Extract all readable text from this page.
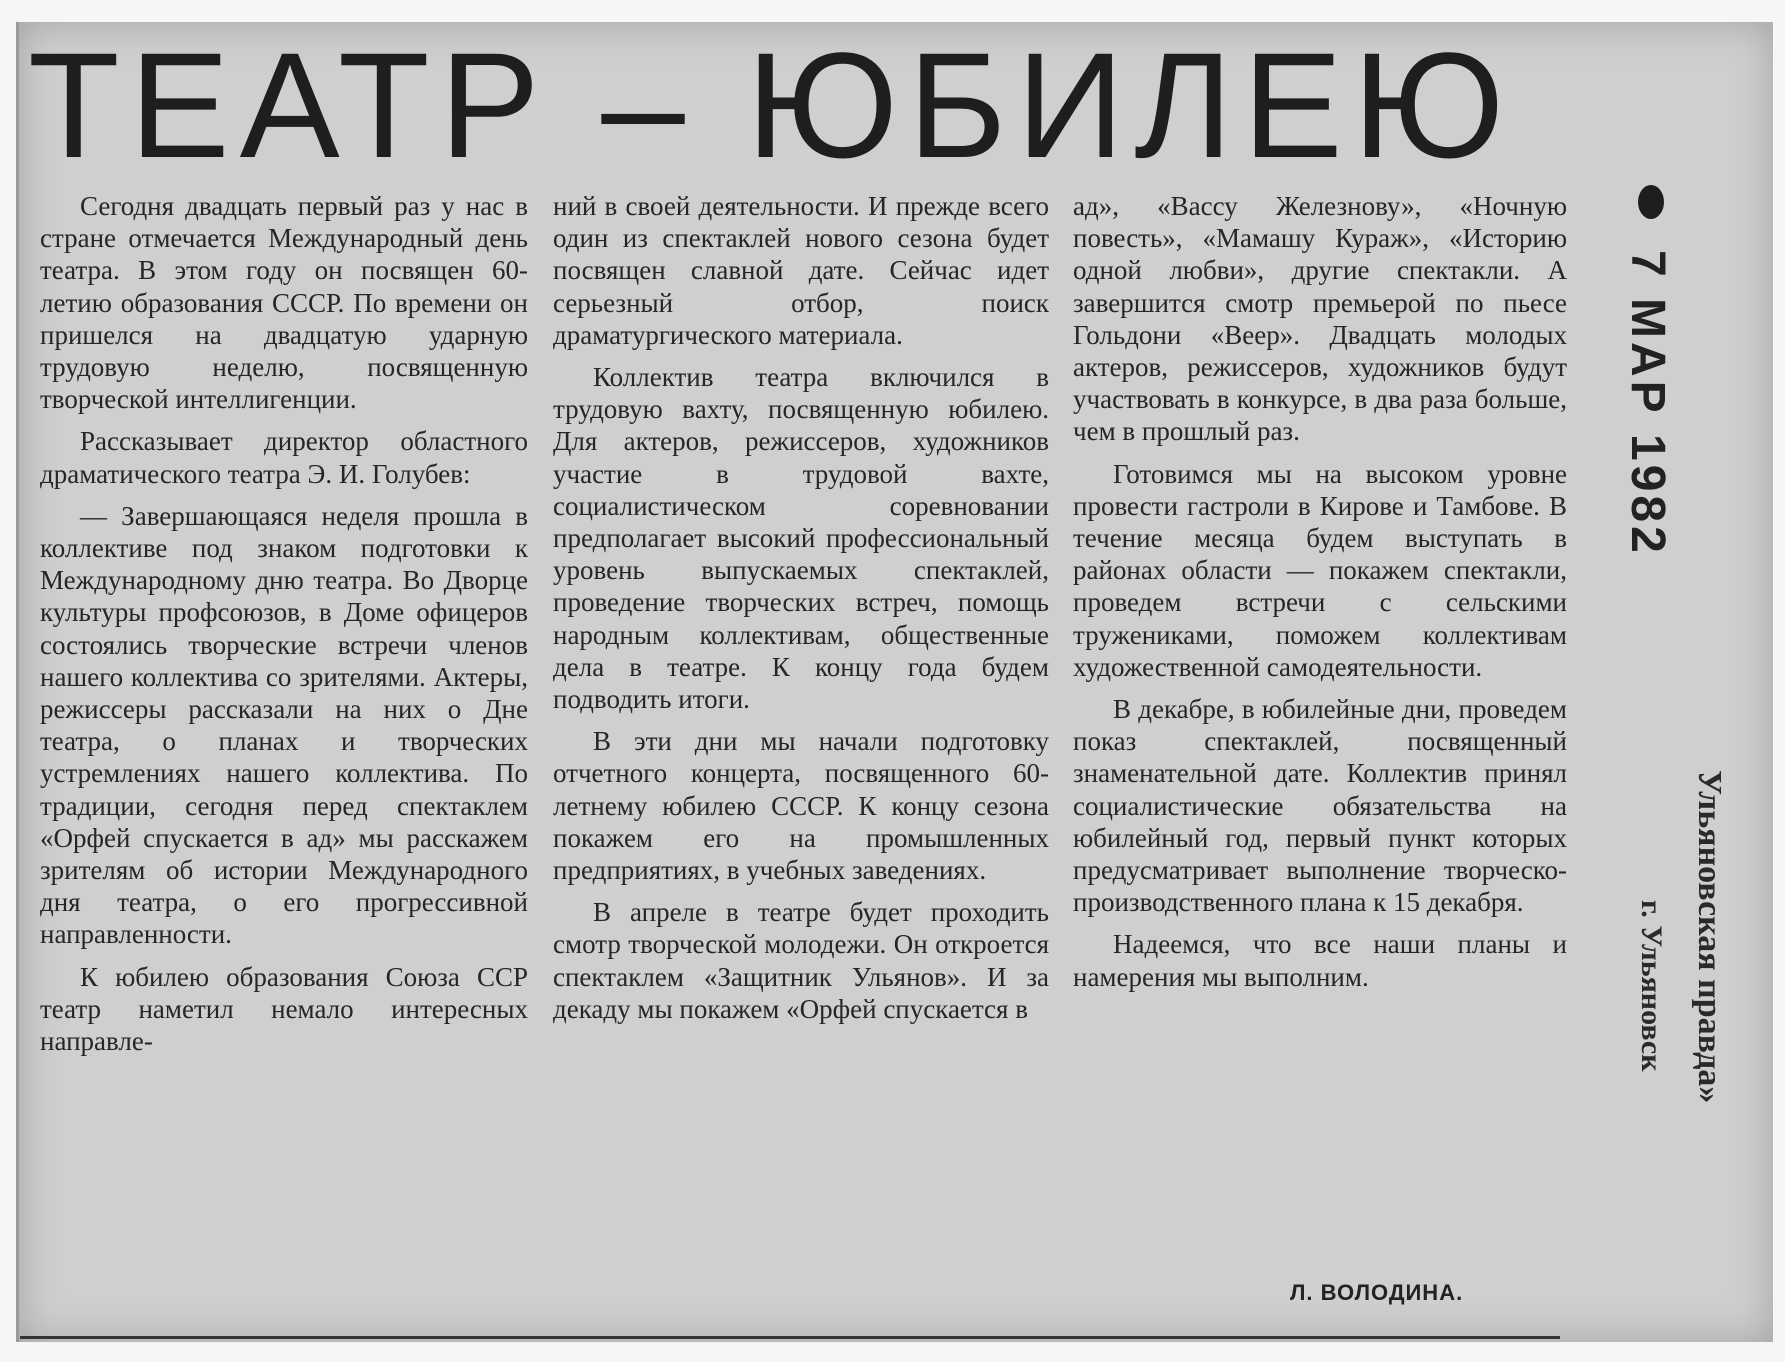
ТЕАТР – ЮБИЛЕЮ

Сегодня двадцать первый раз у нас в стране отмечается Международный день театра. В этом году он посвящен 60-летию образования СССР. По времени он пришелся на двадцатую ударную трудовую неделю, посвященную творческой интеллигенции.

Рассказывает директор областного драматического театра Э. И. Голубев:

— Завершающаяся неделя прошла в коллективе под знаком подготовки к Международному дню театра. Во Дворце культуры профсоюзов, в Доме офицеров состоялись творческие встречи членов нашего коллектива со зрителями. Актеры, режиссеры рассказали на них о Дне театра, о планах и творческих устремлениях нашего коллектива. По традиции, сегодня перед спектаклем «Орфей спускается в ад» мы расскажем зрителям об истории Международного дня театра, о его прогрессивной направленности.

К юбилею образования Союза ССР театр наметил немало интересных направле-

ний в своей деятельности. И прежде всего один из спектаклей нового сезона будет посвящен славной дате. Сейчас идет серьезный отбор, поиск драматургического материала.

Коллектив театра включился в трудовую вахту, посвященную юбилею. Для актеров, режиссеров, художников участие в трудовой вахте, социалистическом соревновании предполагает высокий профессиональный уровень выпускаемых спектаклей, проведение творческих встреч, помощь народным коллективам, общественные дела в театре. К концу года будем подводить итоги.

В эти дни мы начали подготовку отчетного концерта, посвященного 60-летнему юбилею СССР. К концу сезона покажем его на промышленных предприятиях, в учебных заведениях.

В апреле в театре будет проходить смотр творческой молодежи. Он откроется спектаклем «Защитник Ульянов». И за декаду мы покажем «Орфей спускается в

ад», «Вассу Железнову», «Ночную повесть», «Мамашу Кураж», «Историю одной любви», другие спектакли. А завершится смотр премьерой по пьесе Гольдони «Веер». Двадцать молодых актеров, режиссеров, художников будут участвовать в конкурсе, в два раза больше, чем в прошлый раз.

Готовимся мы на высоком уровне провести гастроли в Кирове и Тамбове. В течение месяца будем выступать в районах области — покажем спектакли, проведем встречи с сельскими тружениками, поможем коллективам художественной самодеятельности.

В декабре, в юбилейные дни, проведем показ спектаклей, посвященный знаменательной дате. Коллектив принял социалистические обязательства на юбилейный год, первый пункт которых предусматривает выполнение творческо-производственного плана к 15 декабря.

Надеемся, что все наши планы и намерения мы выполним.

Л. ВОЛОДИНА.
7 МАР 1982
Ульяновская правда»
г. Ульяновск
